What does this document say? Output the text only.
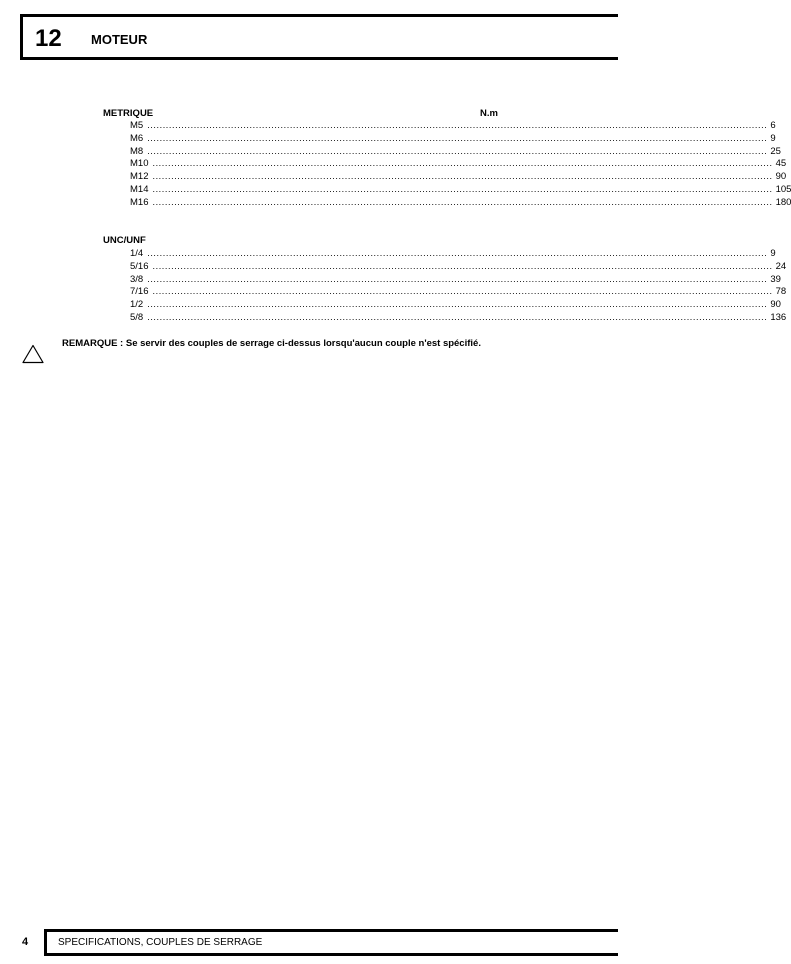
12 MOTEUR
METRIQUE	N.m
M5 ........................................................................................................................................................................................................ 6
M6 ........................................................................................................................................................................................................ 9
M8 ........................................................................................................................................................................................................ 25
M10 ........................................................................................................................................................................................................ 45
M12 ........................................................................................................................................................................................................ 90
M14 ........................................................................................................................................................................................................ 105
M16 ........................................................................................................................................................................................................ 180
UNC/UNF
1/4 ........................................................................................................................................................................................................ 9
5/16 ........................................................................................................................................................................................................ 24
3/8 ........................................................................................................................................................................................................ 39
7/16 ........................................................................................................................................................................................................ 78
1/2 ........................................................................................................................................................................................................ 90
5/8 ........................................................................................................................................................................................................ 136
REMARQUE : Se servir des couples de serrage ci-dessus lorsqu'aucun couple n'est spécifié.
4	SPECIFICATIONS, COUPLES DE SERRAGE
